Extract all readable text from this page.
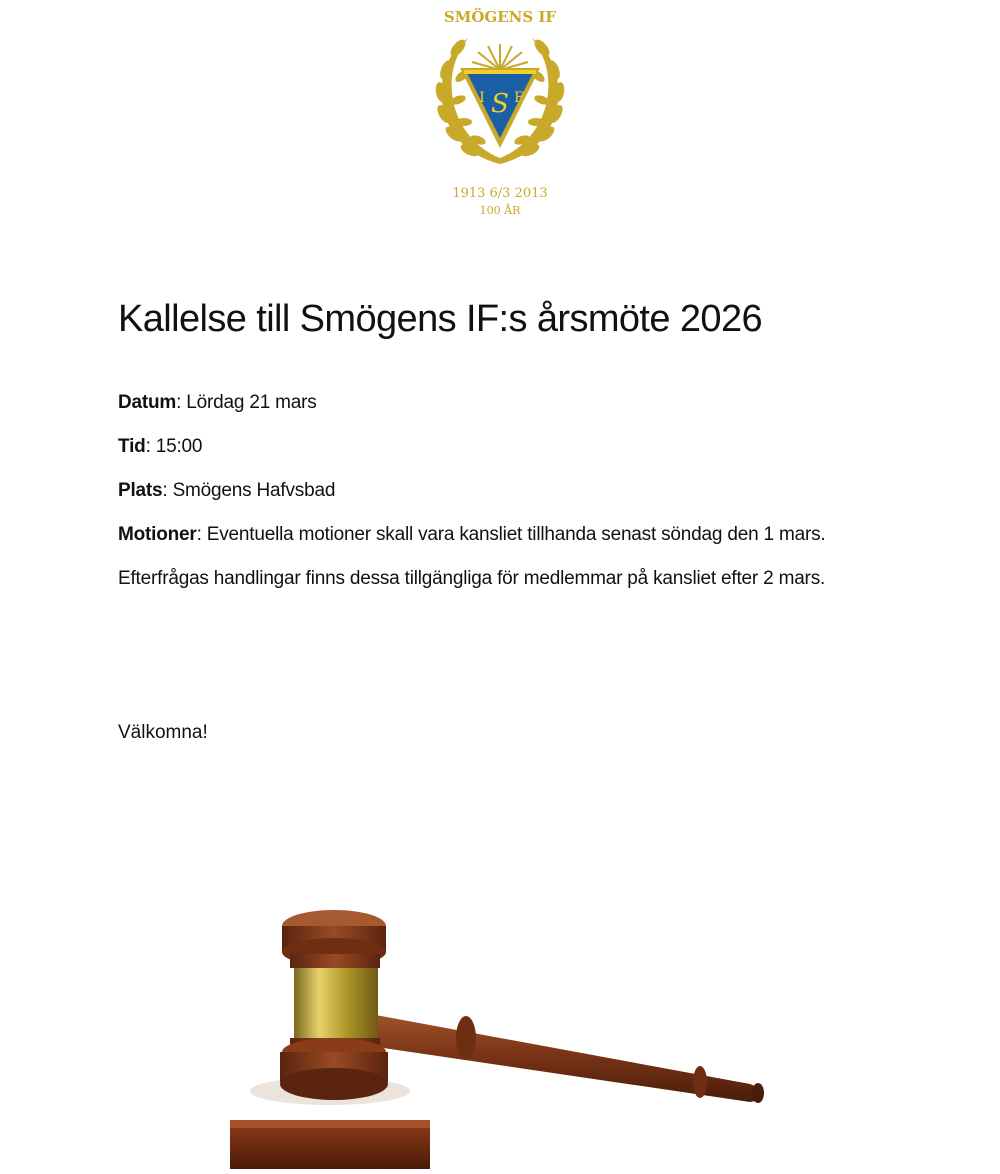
SMÖGENS IF
I S F
1913 6/3 2013
100 ÅR
Kallelse till Smögens IF:s årsmöte 2026

Datum: Lördag 21 mars

Tid: 15:00

Plats: Smögens Hafvsbad

Motioner: Eventuella motioner skall vara kansliet tillhanda senast söndag den 1 mars.

Efterfrågas handlingar finns dessa tillgängliga för medlemmar på kansliet efter 2 mars.

Välkomna!
